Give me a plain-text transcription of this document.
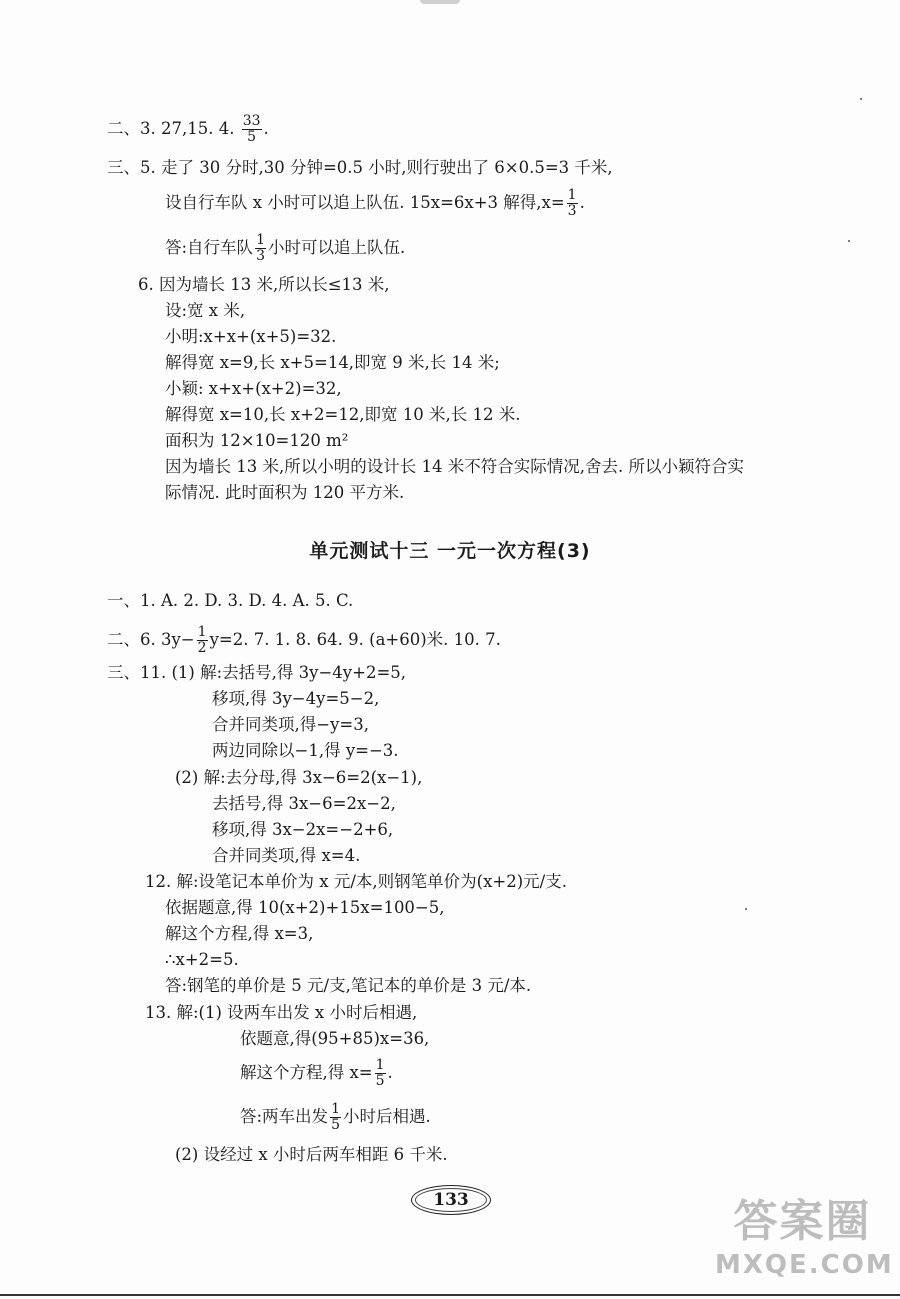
二、3. 27,15. 4. $\frac{33}{5}$ .
三、5. 走了 30 分时,30 分钟=0.5 小时,则行驶出了 6×0.5=3 千米,
设自行车队 x 小时可以追上队伍. 15x=6x+3 解得$,x= \frac{1}{3}$ .
答:自行车队 $\frac{1}{3}$ 小时可以追上队伍.
6. 因为墙长 13 米,所以长≤13 米,
设:宽 x 米,
小明:x+x+(x+5)=32.
解得宽 x=9,长 x+5=14,即宽 9 米,长 14 米;
小颖: x+x+(x+2)=32,
解得宽 x=10,长 x+2=12,即宽 10 米,长 12 米.
面积为 12×10=120 m²
因为墙长 13 米,所以小明的设计长 14 米不符合实际情况,舍去. 所以小颖符合实
际情况. 此时面积为 120 平方米.
单元测试十三 一元一次方程(3)
一、1. A. 2. D. 3. D. 4. A. 5. C.
二、6. $3y- \frac{1}{2} y=2$. 7. 1. 8. 64. 9. (a+60)米. 10. 7.
三、11. (1) 解:去括号,得 3y−4y+2=5,
移项,得 3y−4y=5−2,
合并同类项,得−y=3,
两边同除以−1,得 y=−3.
(2) 解:去分母,得 3x−6=2(x−1),
去括号,得 3x−6=2x−2,
移项,得 3x−2x=−2+6,
合并同类项,得 x=4.
12. 解:设笔记本单价为 x 元/本,则钢笔单价为(x+2)元/支.
依据题意,得 10(x+2)+15x=100−5,
解这个方程,得 x=3,
∴x+2=5.
答:钢笔的单价是 5 元/支,笔记本的单价是 3 元/本.
13. 解:(1) 设两车出发 x 小时后相遇,
依题意,得(95+85)x=36,
解这个方程,得 $x= \frac{1}{5}$ .
答:两车出发 $\frac{1}{5}$ 小时后相遇.
(2) 设经过 x 小时后两车相距 6 千米.
133	答案圈
MXQE.COM
